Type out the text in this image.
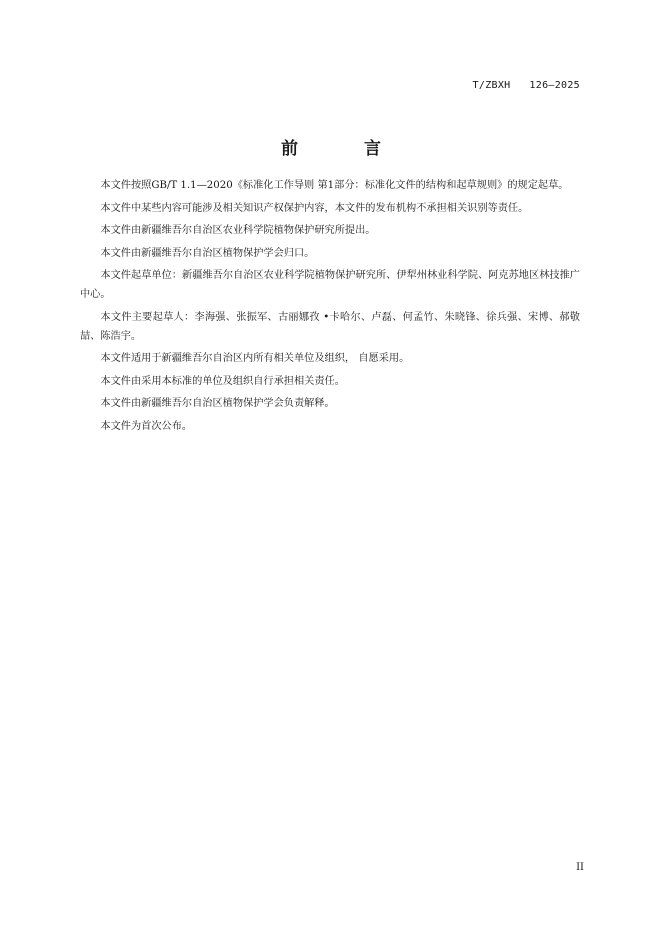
T/ZBXH   126—2025
前 言

本文件按照GB/T 1.1—2020《标准化工作导则 第1部分：标准化文件的结构和起草规则》的规定起草。

本文件中某些内容可能涉及相关知识产权保护内容，本文件的发布机构不承担相关识别等责任。

本文件由新疆维吾尔自治区农业科学院植物保护研究所提出。

本文件由新疆维吾尔自治区植物保护学会归口。

本文件起草单位：新疆维吾尔自治区农业科学院植物保护研究所、伊犁州林业科学院、阿克苏地区林技推广中心。

本文件主要起草人：李海强、张振军、古丽娜孜 •卡哈尔、卢磊、何孟竹、朱晓锋、徐兵强、宋博、郝敬喆、陈浩宇。

本文件适用于新疆维吾尔自治区内所有相关单位及组织， 自愿采用。

本文件由采用本标准的单位及组织自行承担相关责任。

本文件由新疆维吾尔自治区植物保护学会负责解释。

本文件为首次公布。

II
